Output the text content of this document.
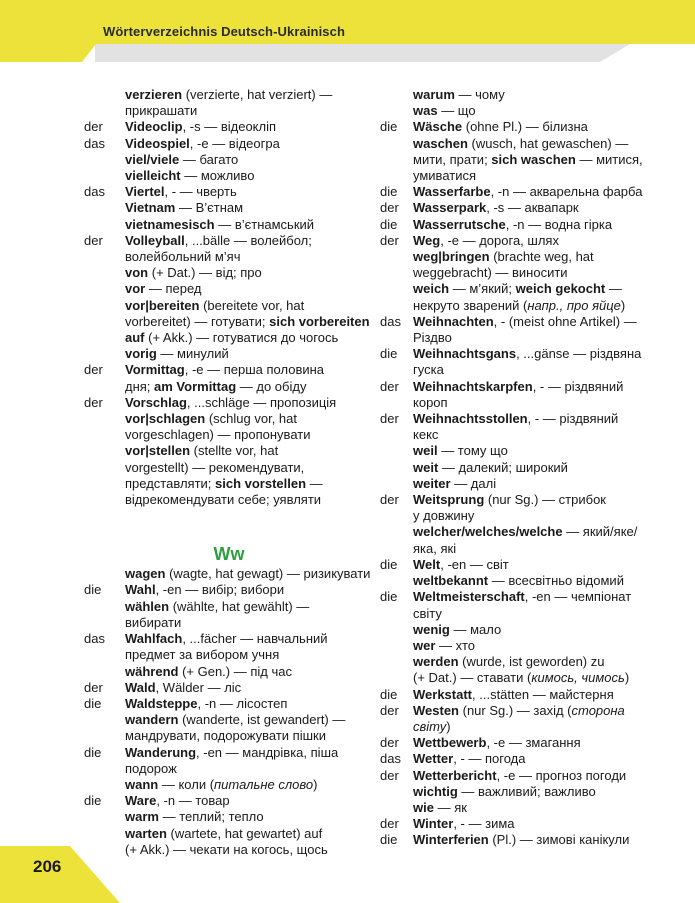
Wörterverzeichnis Deutsch-Ukrainisch
verzieren (verzierte, hat verziert) —
прикрашати
der	Videoclip, -s — відеокліп
das	Videospiel, -e — відеогра
viel/viele — багато
vielleicht — можливо
das	Viertel, - — чверть
Vietnam — В’єтнам
vietnamesisch — в’єтнамський
der	Volleyball, ...bälle — волейбол;
волейбольний м’яч
von (+ Dat.) — від; про
vor — перед
vor|bereiten (bereitete vor, hat
vorbereitet) — готувати; sich vorbereiten
auf (+ Akk.) — готуватися до чогось
vorig — минулий
der	Vormittag, -e — перша половина
дня; am Vormittag — до обіду
der	Vorschlag, ...schläge — пропозиція
vor|schlagen (schlug vor, hat
vorgeschlagen) — пропонувати
vor|stellen (stellte vor, hat
vorgestellt) — рекомендувати,
представляти; sich vorstellen —
відрекомендувати себе; уявляти
Ww
wagen (wagte, hat gewagt) — ризикувати
die	Wahl, -en — вибір; вибори
wählen (wählte, hat gewählt) —
вибирати
das	Wahlfach, ...fächer — навчальний
предмет за вибором учня
während (+ Gen.) — під час
der	Wald, Wälder — ліс
die	Waldsteppe, -n — лісостеп
wandern (wanderte, ist gewandert) —
мандрувати, подорожувати пішки
die	Wanderung, -en — мандрівка, піша
подорож
wann — коли (питальне слово)
die	Ware, -n — товар
warm — теплий; тепло
warten (wartete, hat gewartet) auf
(+ Akk.) — чекати на когось, щось
warum — чому
was — що
die	Wäsche (ohne Pl.) — білизна
waschen (wusch, hat gewaschen) —
мити, прати; sich waschen — митися,
умиватися
die	Wasserfarbe, -n — акварельна фарба
der	Wasserpark, -s — аквапарк
die	Wasserrutsche, -n — водна гірка
der	Weg, -e — дорога, шлях
weg|bringen (brachte weg, hat
weggebracht) — виносити
weich — м’який; weich gekocht —
некруто зварений (напр., про яйце)
das Weihnachten, - (meist ohne Artikel) —
Різдво
die	Weihnachtsgans, ...gänse — різдвяна
гуска
der	Weihnachtskarpfen, - — різдвяний
короп
der	Weihnachtsstollen, - — різдвяний
кекс
weil — тому що
weit — далекий; широкий
weiter — далі
der	Weitsprung (nur Sg.) — стрибок
у довжину
welcher/welches/welche — який/яке/
яка, які
die	Welt, -en — світ
weltbekannt — всесвітньо відомий
die	Weltmeisterschaft, -en — чемпіонат
світу
wenig — мало
wer — хто
werden (wurde, ist geworden) zu
(+ Dat.) — ставати (кимось, чимось)
die	Werkstatt, ...stätten — майстерня
der	Westen (nur Sg.) — захід (сторона
світу)
der	Wettbewerb, -e — змагання
das Wetter, - — погода
der	Wetterbericht, -e — прогноз погоди
wichtig — важливий; важливо
wie — як
der	Winter, - — зима
die	Winterferien (Pl.) — зимові канікули
206
